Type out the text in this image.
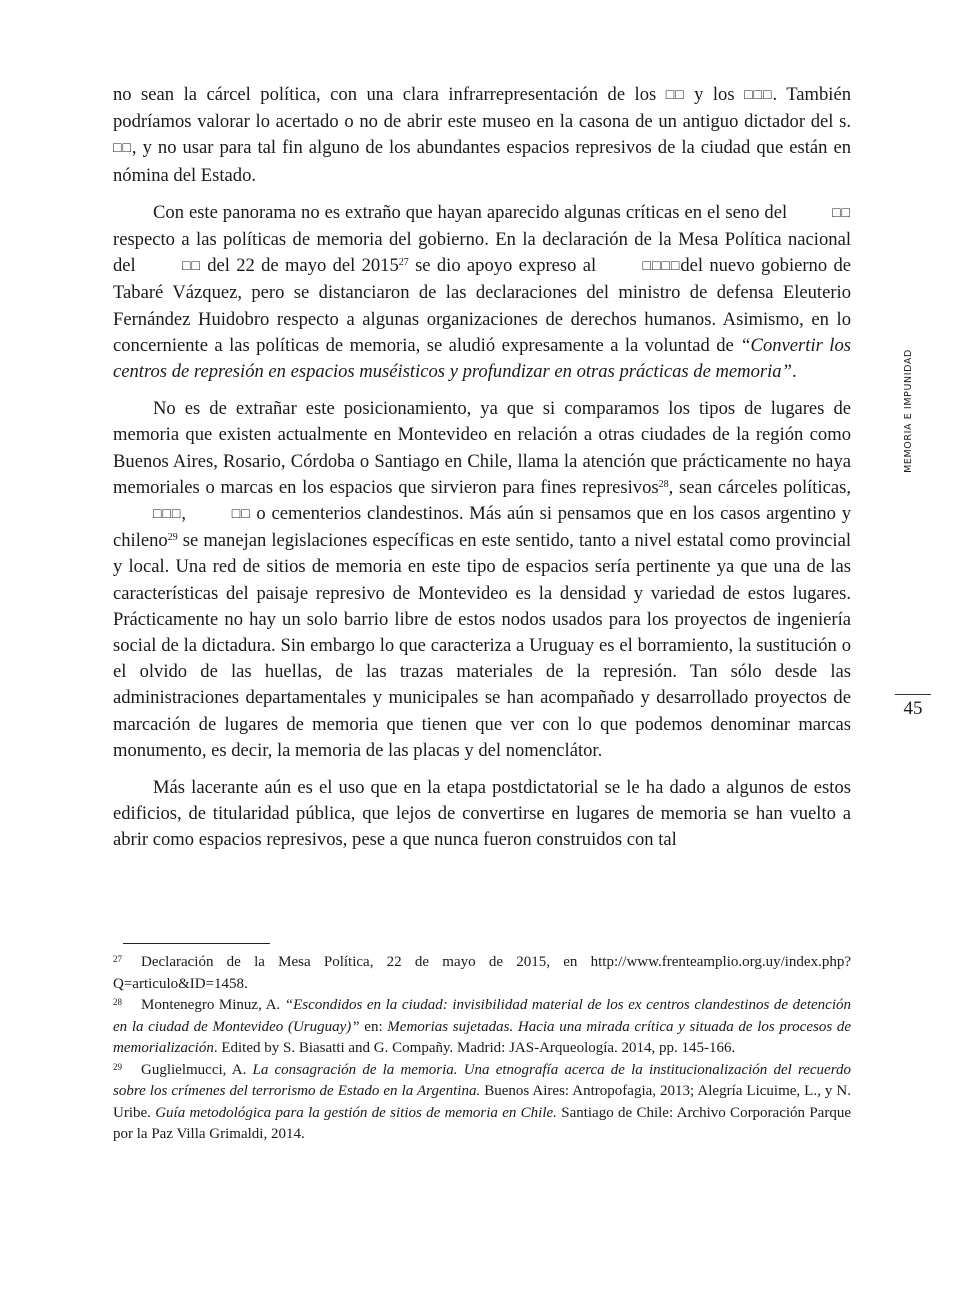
no sean la cárcel política, con una clara infrarrepresentación de los □□ y los □□□. También podríamos valorar lo acertado o no de abrir este museo en la casona de un antiguo dictador del s. □□, y no usar para tal fin alguno de los abundantes espacios represivos de la ciudad que están en nómina del Estado.

Con este panorama no es extraño que hayan aparecido algunas críticas en el seno del	□□ respecto a las políticas de memoria del gobierno. En la declaración de la Mesa Política nacional del	□□ del 22 de mayo del 2015$^{27}$ se dio apoyo expreso al	□□□□del nuevo gobierno de Tabaré Vázquez, pero se distanciaron de las declaraciones del ministro de defensa Eleuterio Fernández Huidobro respecto a algunas organizaciones de derechos humanos. Asimismo, en lo concerniente a las políticas de memoria, se aludió expresamente a la voluntad de “Convertir los centros de represión en espacios muséisticos y profundizar en otras prácticas de memoria”.

No es de extrañar este posicionamiento, ya que si comparamos los tipos de lugares de memoria que existen actualmente en Montevideo en relación a otras ciudades de la región como Buenos Aires, Rosario, Córdoba o Santiago en Chile, llama la atención que prácticamente no haya memoriales o marcas en los espacios que sirvieron para fines represivos$^{28}$, sean cárceles políticas, □□□,	□□ o cementerios clandestinos. Más aún si pensamos que en los casos argentino y chileno$^{29}$ se manejan legislaciones específicas en este sentido, tanto a nivel estatal como provincial y local. Una red de sitios de memoria en este tipo de espacios sería pertinente ya que una de las características del paisaje represivo de Montevideo es la densidad y variedad de estos lugares. Prácticamente no hay un solo barrio libre de estos nodos usados para los proyectos de ingeniería social de la dictadura. Sin embargo lo que caracteriza a Uruguay es el borramiento, la sustitución o el olvido de las huellas, de las trazas materiales de la represión. Tan sólo desde las administraciones departamentales y municipales se han acompañado y desarrollado proyectos de marcación de lugares de memoria que tienen que ver con lo que podemos denominar marcas monumento, es decir, la memoria de las placas y del nomenclátor.

Más lacerante aún es el uso que en la etapa postdictatorial se le ha dado a algunos de estos edificios, de titularidad pública, que lejos de convertirse en lugares de memoria se han vuelto a abrir como espacios represivos, pese a que nunca fueron construidos con tal

MEMORIA E IMPUNIDAD
45

27 Declaración de la Mesa Política, 22 de mayo de 2015, en http://www.frenteamplio.org.uy/index.php?Q=articulo&ID=1458.

28 Montenegro Minuz, A. “Escondidos en la ciudad: invisibilidad material de los ex centros clandestinos de detención en la ciudad de Montevideo (Uruguay)” en: Memorias sujetadas. Hacia una mirada crítica y situada de los procesos de memorialización. Edited by S. Biasatti and G. Compañy. Madrid: JAS-Arqueología. 2014, pp. 145-166.

29 Guglielmucci, A. La consagración de la memoria. Una etnografía acerca de la institucionalización del recuerdo sobre los crímenes del terrorismo de Estado en la Argentina. Buenos Aires: Antropofagia, 2013; Alegría Licuime, L., y N. Uribe. Guía metodológica para la gestión de sitios de memoria en Chile. Santiago de Chile: Archivo Corporación Parque por la Paz Villa Grimaldi, 2014.
